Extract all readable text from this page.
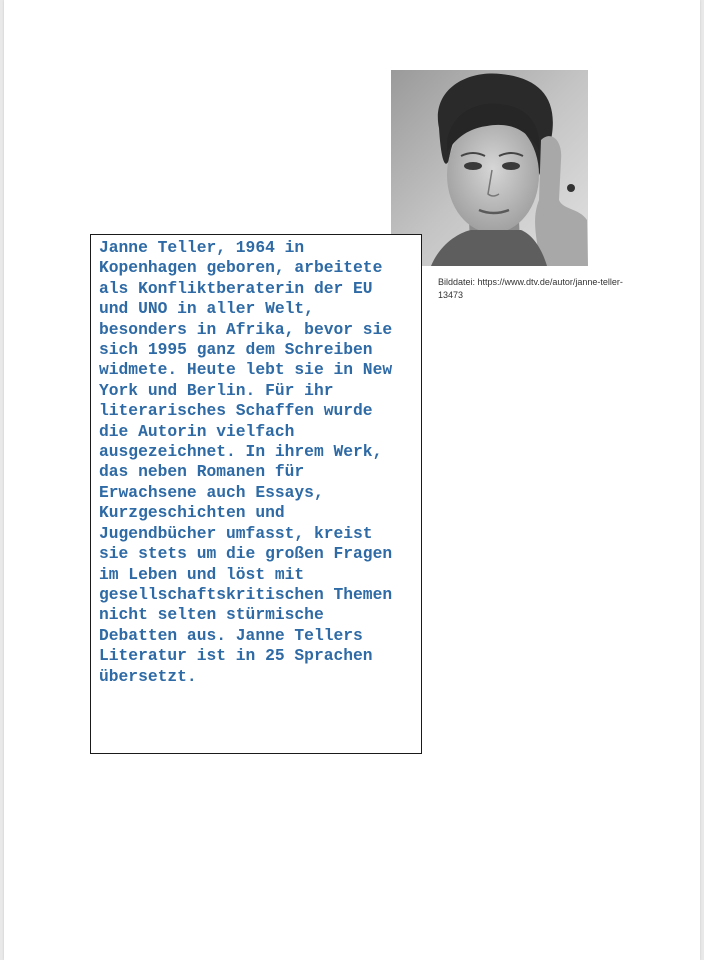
Bilddatei: https://www.dtv.de/autor/janne-teller-13473
Janne Teller, 1964 in
Kopenhagen geboren, arbeitete
als Konfliktberaterin der EU
und UNO in aller Welt,
besonders in Afrika, bevor sie
sich 1995 ganz dem Schreiben
widmete. Heute lebt sie in New
York und Berlin. Für ihr
literarisches Schaffen wurde
die Autorin vielfach
ausgezeichnet. In ihrem Werk,
das neben Romanen für
Erwachsene auch Essays,
Kurzgeschichten und
Jugendbücher umfasst, kreist
sie stets um die großen Fragen
im Leben und löst mit
gesellschaftskritischen Themen
nicht selten stürmische
Debatten aus. Janne Tellers
Literatur ist in 25 Sprachen
übersetzt.
